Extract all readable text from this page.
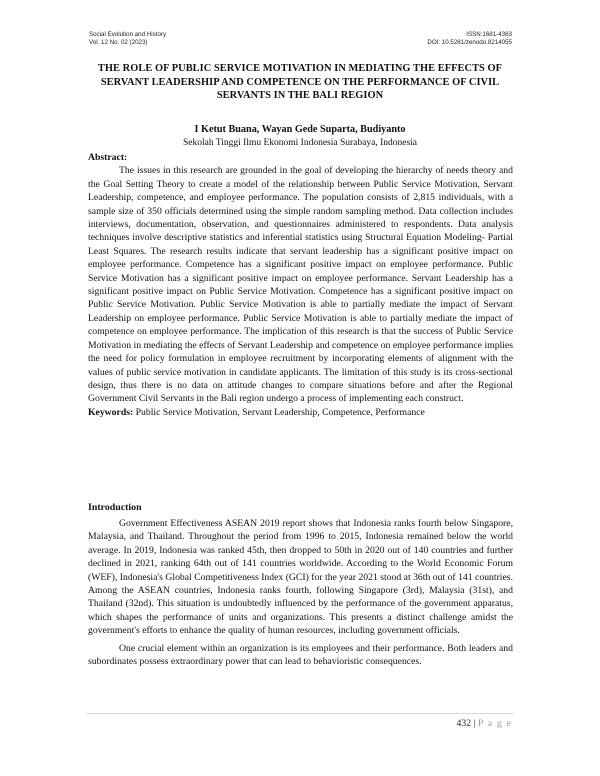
Social Evolution and History
Vol. 12 No. 02 (2023)
ISSN:1681-4363
DOI: 10.5281/zenodo.8214055
THE ROLE OF PUBLIC SERVICE MOTIVATION IN MEDIATING THE EFFECTS OF SERVANT LEADERSHIP AND COMPETENCE ON THE PERFORMANCE OF CIVIL SERVANTS IN THE BALI REGION
I Ketut Buana, Wayan Gede Suparta, Budiyanto
Sekolah Tinggi Ilmu Ekonomi Indonesia Surabaya, Indonesia
Abstract:

The issues in this research are grounded in the goal of developing the hierarchy of needs theory and the Goal Setting Theory to create a model of the relationship between Public Service Motivation, Servant Leadership, competence, and employee performance. The population consists of 2,815 individuals, with a sample size of 350 officials determined using the simple random sampling method. Data collection includes interviews, documentation, observation, and questionnaires administered to respondents. Data analysis techniques involve descriptive statistics and inferential statistics using Structural Equation Modeling- Partial Least Squares. The research results indicate that servant leadership has a significant positive impact on employee performance. Competence has a significant positive impact on employee performance. Public Service Motivation has a significant positive impact on employee performance. Servant Leadership has a significant positive impact on Public Service Motivation. Competence has a significant positive impact on Public Service Motivation. Public Service Motivation is able to partially mediate the impact of Servant Leadership on employee performance. Public Service Motivation is able to partially mediate the impact of competence on employee performance. The implication of this research is that the success of Public Service Motivation in mediating the effects of Servant Leadership and competence on employee performance implies the need for policy formulation in employee recruitment by incorporating elements of alignment with the values of public service motivation in candidate applicants. The limitation of this study is its cross-sectional design, thus there is no data on attitude changes to compare situations before and after the Regional Government Civil Servants in the Bali region undergo a process of implementing each construct.

Keywords: Public Service Motivation, Servant Leadership, Competence, Performance
Introduction

Government Effectiveness ASEAN 2019 report shows that Indonesia ranks fourth below Singapore, Malaysia, and Thailand. Throughout the period from 1996 to 2015, Indonesia remained below the world average. In 2019, Indonesia was ranked 45th, then dropped to 50th in 2020 out of 140 countries and further declined in 2021, ranking 64th out of 141 countries worldwide. According to the World Economic Forum (WEF), Indonesia's Global Competitiveness Index (GCI) for the year 2021 stood at 36th out of 141 countries. Among the ASEAN countries, Indonesia ranks fourth, following Singapore (3rd), Malaysia (31st), and Thailand (32nd). This situation is undoubtedly influenced by the performance of the government apparatus, which shapes the performance of units and organizations. This presents a distinct challenge amidst the government's efforts to enhance the quality of human resources, including government officials.

One crucial element within an organization is its employees and their performance. Both leaders and subordinates possess extraordinary power that can lead to behavioristic consequences.

432 | P a g e
